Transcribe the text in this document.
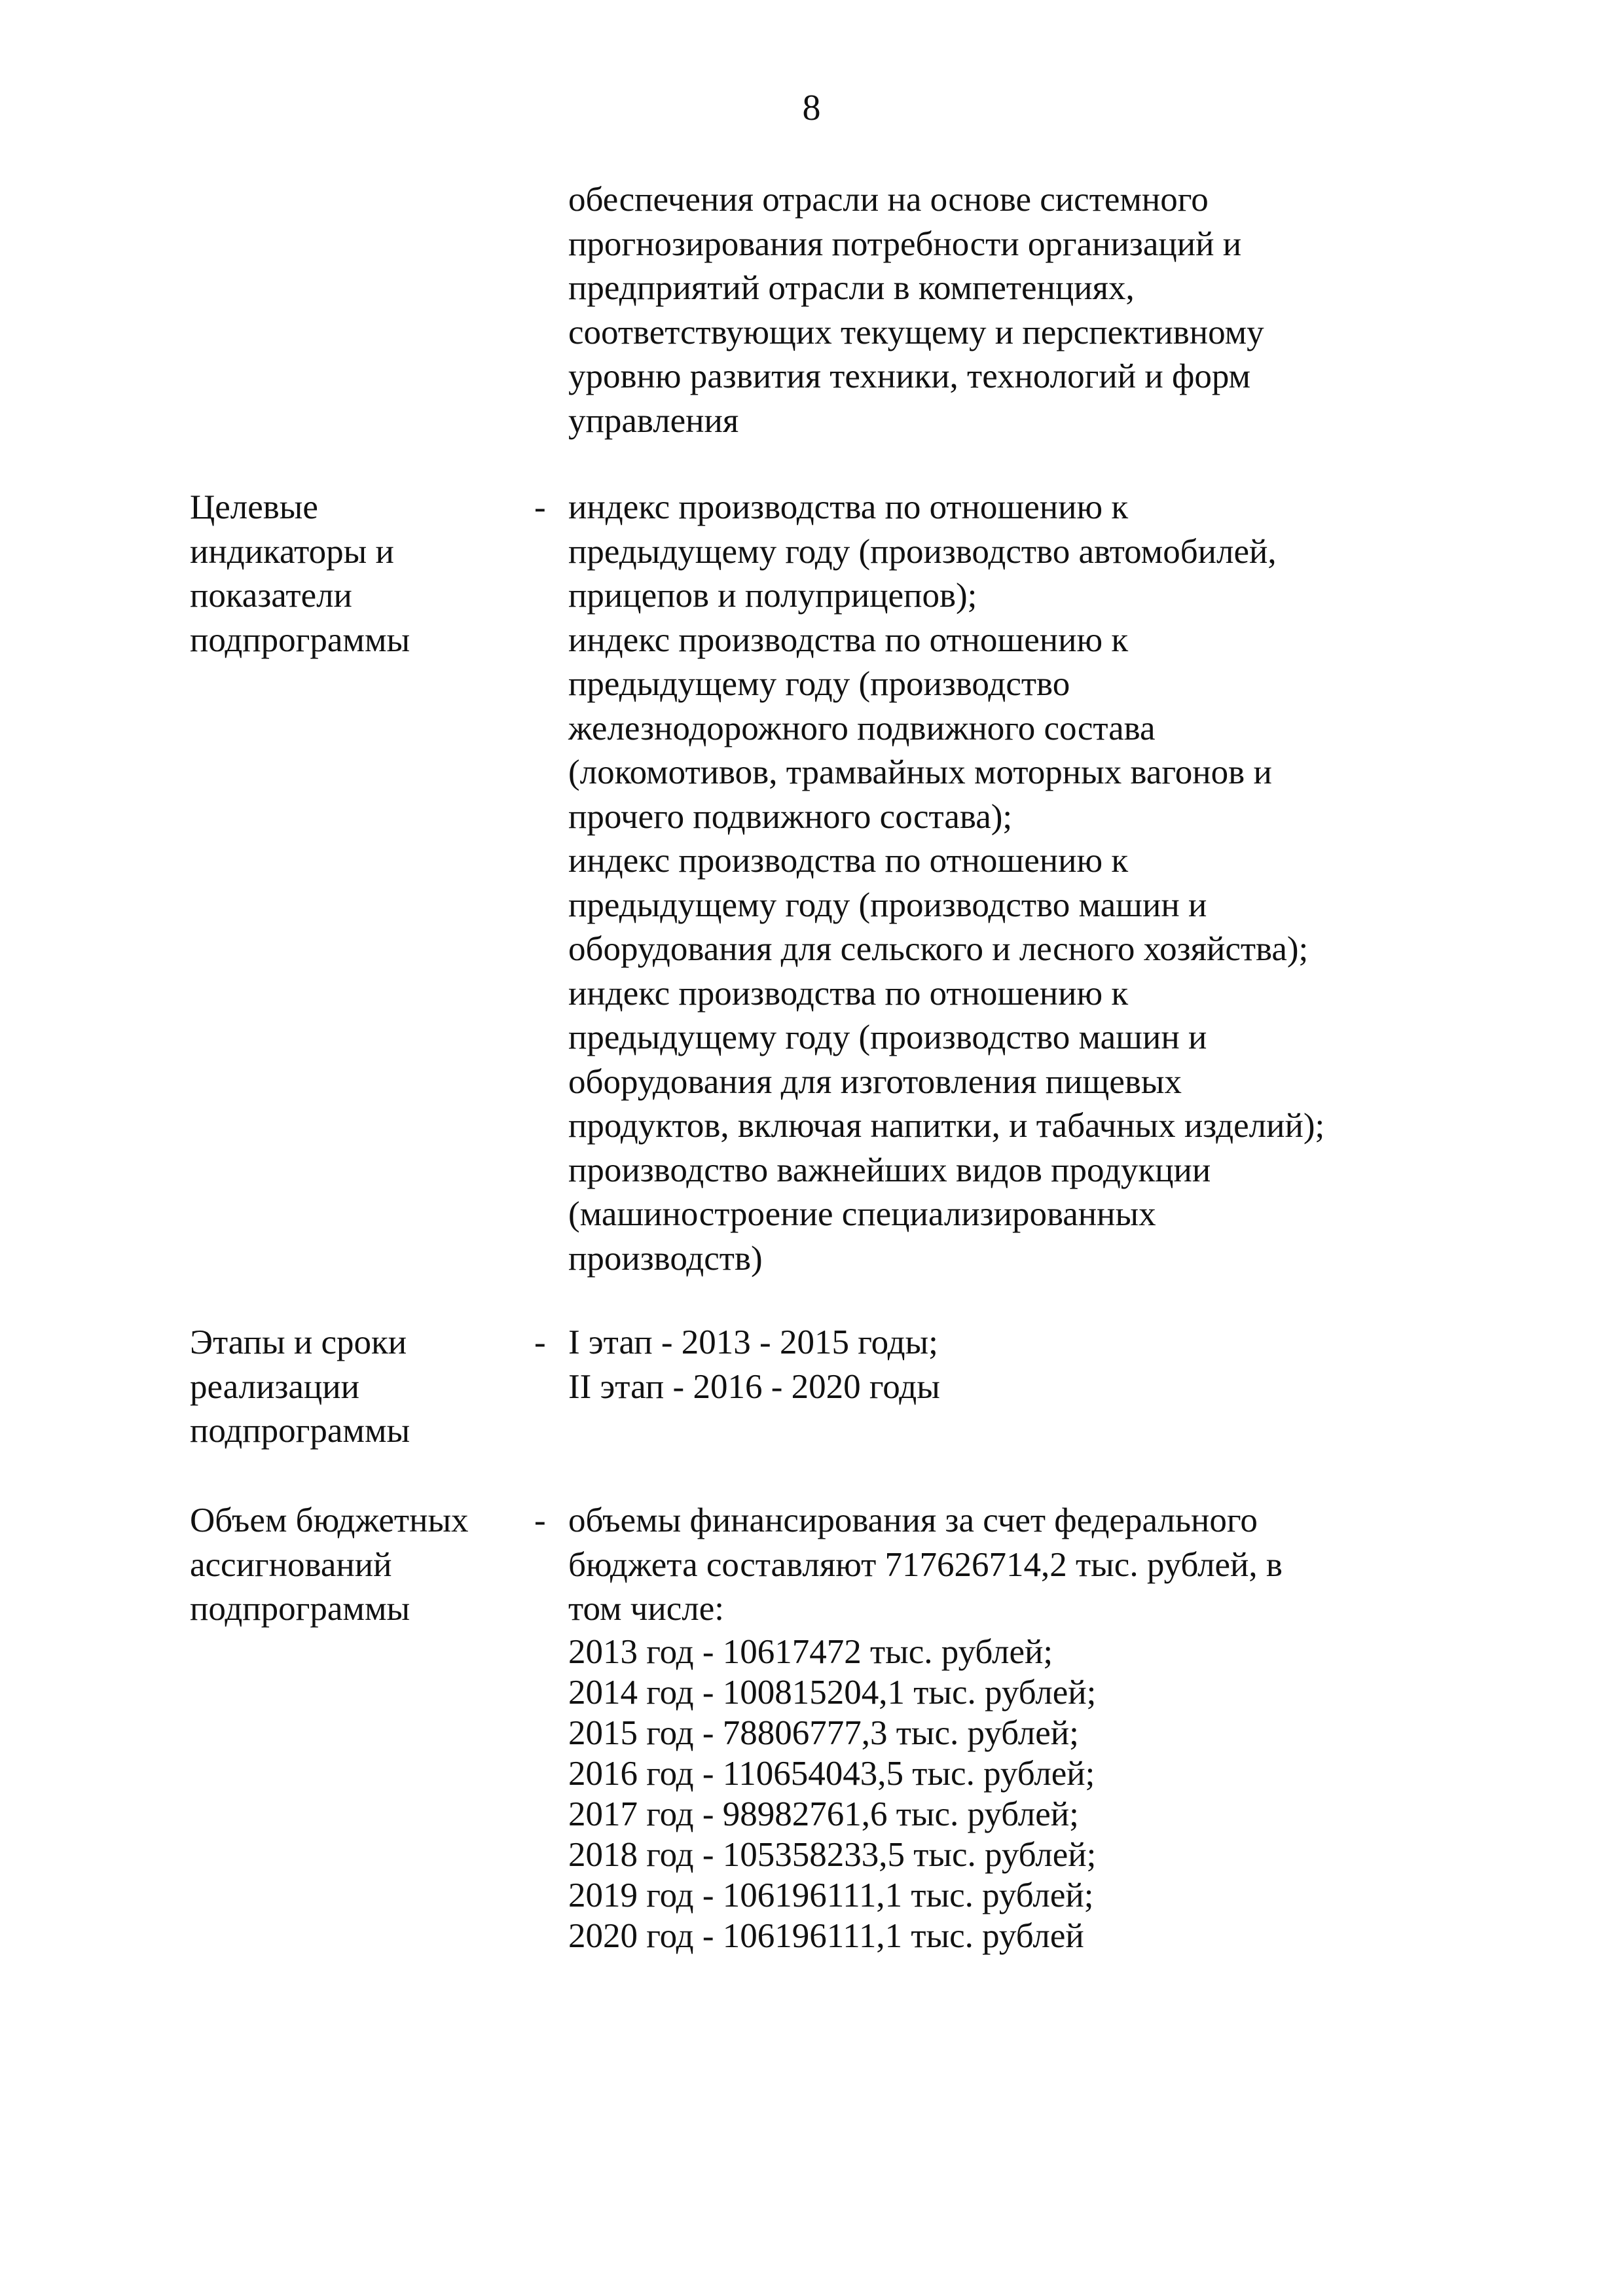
8
обеспечения отрасли на основе системного
прогнозирования потребности организаций и
предприятий отрасли в компетенциях,
соответствующих текущему и перспективному
уровню развития техники, технологий и форм
управления
Целевые
индикаторы и
показатели
подпрограммы
- индекс производства по отношению к
предыдущему году (производство автомобилей,
прицепов и полуприцепов);
индекс производства по отношению к
предыдущему году (производство
железнодорожного подвижного состава
(локомотивов, трамвайных моторных вагонов и
прочего подвижного состава);
индекс производства по отношению к
предыдущему году (производство машин и
оборудования для сельского и лесного хозяйства);
индекс производства по отношению к
предыдущему году (производство машин и
оборудования для изготовления пищевых
продуктов, включая напитки, и табачных изделий);
производство важнейших видов продукции
(машиностроение специализированных
производств)
Этапы и сроки
реализации
подпрограммы
- I этап - 2013 - 2015 годы;
II этап - 2016 - 2020 годы
Объем бюджетных
ассигнований
подпрограммы
- объемы финансирования за счет федерального
бюджета составляют 717626714,2 тыс. рублей, в
том числе:
2013 год - 10617472 тыс. рублей;
2014 год - 100815204,1 тыс. рублей;
2015 год - 78806777,3 тыс. рублей;
2016 год - 110654043,5 тыс. рублей;
2017 год - 98982761,6 тыс. рублей;
2018 год - 105358233,5 тыс. рублей;
2019 год - 106196111,1 тыс. рублей;
2020 год - 106196111,1 тыс. рублей
